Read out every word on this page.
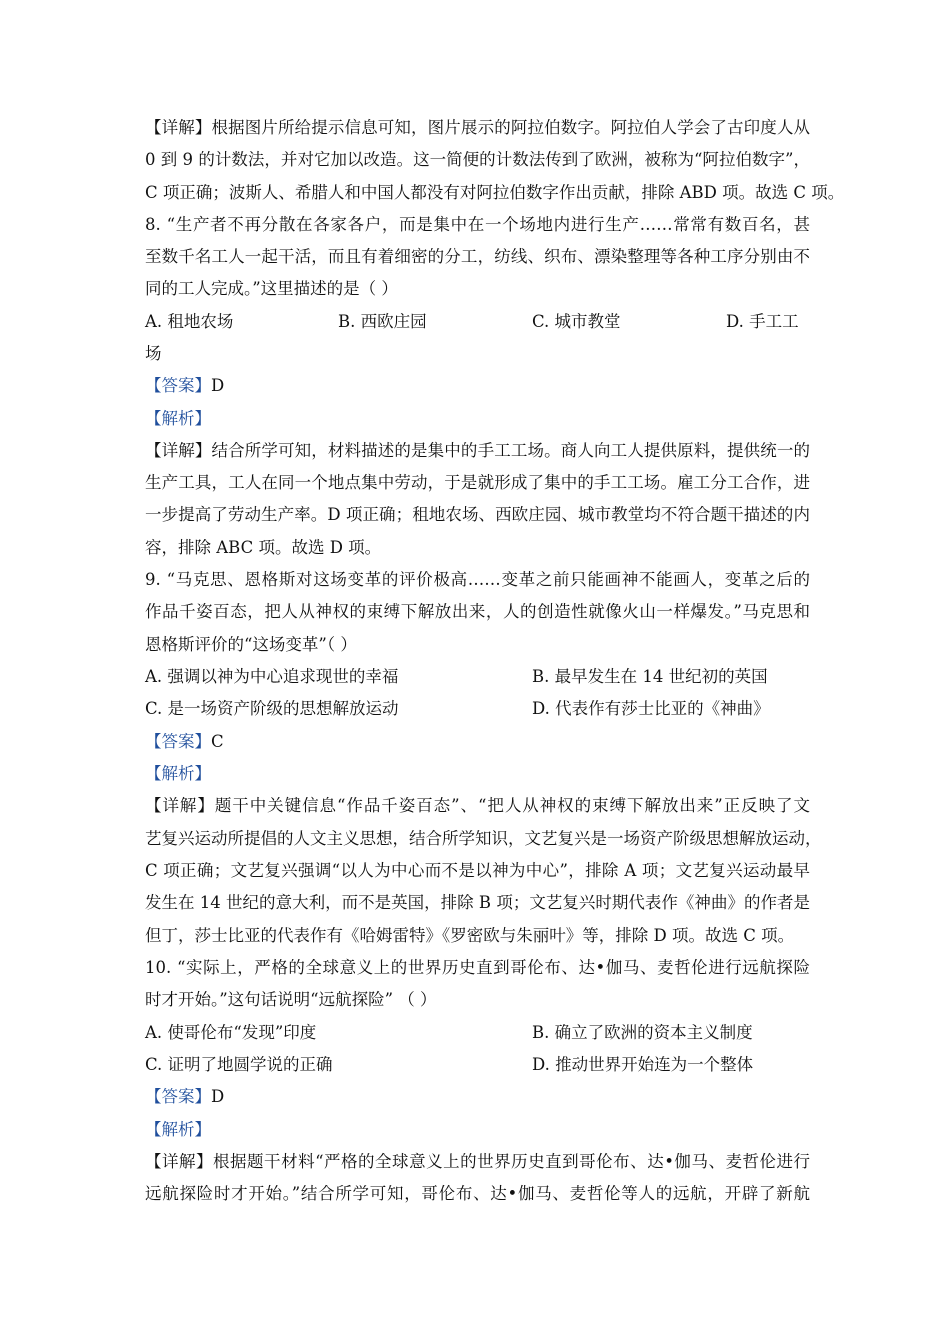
【详解】根据图片所给提示信息可知，图片展示的阿拉伯数字。阿拉伯人学会了古印度人从
0 到 9 的计数法，并对它加以改造。这一简便的计数法传到了欧洲，被称为“阿拉伯数字”，
C 项正确；波斯人、希腊人和中国人都没有对阿拉伯数字作出贡献，排除 ABD 项。故选 C 项。
8. “生产者不再分散在各家各户，而是集中在一个场地内进行生产……常常有数百名，甚
至数千名工人一起干活，而且有着细密的分工，纺线、织布、漂染整理等各种工序分别由不
同的工人完成。”这里描述的是（ ）
A. 租地农场	B. 西欧庄园	C. 城市教堂	D. 手工工
场
【答案】D
【解析】
【详解】结合所学可知，材料描述的是集中的手工工场。商人向工人提供原料，提供统一的
生产工具，工人在同一个地点集中劳动，于是就形成了集中的手工工场。雇工分工合作，进
一步提高了劳动生产率。D 项正确；租地农场、西欧庄园、城市教堂均不符合题干描述的内
容，排除 ABC 项。故选 D 项。
9. “马克思、恩格斯对这场变革的评价极高……变革之前只能画神不能画人，变革之后的
作品千姿百态，把人从神权的束缚下解放出来，人的创造性就像火山一样爆发。”马克思和
恩格斯评价的“这场变革”（ ）
A. 强调以神为中心追求现世的幸福	B. 最早发生在 14 世纪初的英国
C. 是一场资产阶级的思想解放运动	D. 代表作有莎士比亚的《神曲》
【答案】C
【解析】
【详解】题干中关键信息“作品千姿百态”、“把人从神权的束缚下解放出来”正反映了文
艺复兴运动所提倡的人文主义思想，结合所学知识，文艺复兴是一场资产阶级思想解放运动，
C 项正确；文艺复兴强调“以人为中心而不是以神为中心”，排除 A 项；文艺复兴运动最早
发生在 14 世纪的意大利，而不是英国，排除 B 项；文艺复兴时期代表作《神曲》的作者是
但丁，莎士比亚的代表作有《哈姆雷特》《罗密欧与朱丽叶》等，排除 D 项。故选 C 项。
10. “实际上，严格的全球意义上的世界历史直到哥伦布、达•伽马、麦哲伦进行远航探险
时才开始。”这句话说明“远航探险” （ ）
A. 使哥伦布“发现”印度	B. 确立了欧洲的资本主义制度
C. 证明了地圆学说的正确	D. 推动世界开始连为一个整体
【答案】D
【解析】
【详解】根据题干材料“严格的全球意义上的世界历史直到哥伦布、达•伽马、麦哲伦进行
远航探险时才开始。”结合所学可知，哥伦布、达•伽马、麦哲伦等人的远航，开辟了新航
